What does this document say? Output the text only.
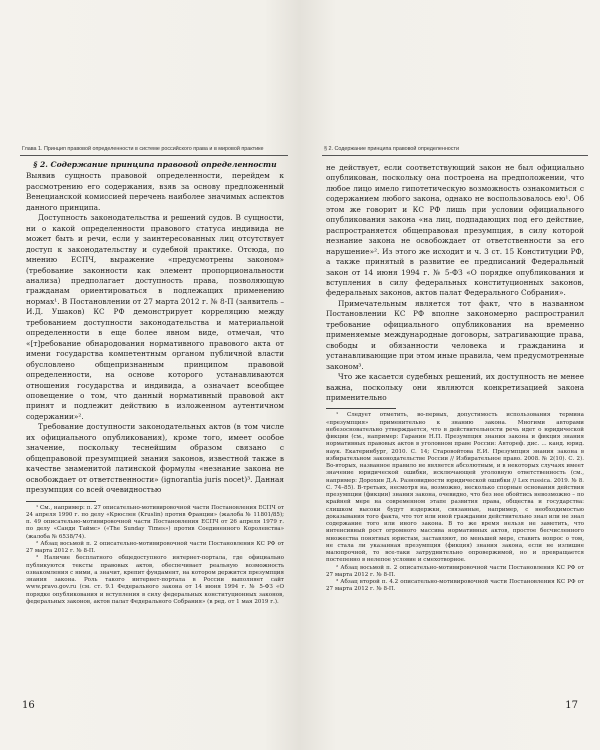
Глава 1. Принцип правовой определенности в системе российского права и в мировой практике
§ 2. Содержание принципа правовой определенности

Выявив сущность правовой определенности, перейдем к рассмотрению его содержания, взяв за основу предложенный Венецианской комиссией перечень наиболее значимых аспектов данного принципа.

Доступность законодательства и решений судов. В сущности, ни о какой определенности правового статуса индивида не может быть и речи, если у заинтересованных лиц отсутствует доступ к законодательству и судебной практике. Отсюда, по мнению ЕСПЧ, выражение «предусмотрены законом» (требование законности как элемент пропорциональности анализа) предполагает доступность права, позволяющую гражданам ориентироваться в подлежащих применению нормах¹. В Постановлении от 27 марта 2012 г. № 8-П (заявитель – И.Д. Ушаков) КС РФ демонстрирует корреляцию между требованием доступности законодательства и материальной определенности в еще более явном виде, отмечая, что «[т]ребование обнародования нормативного правового акта от имени государства компетентным органом публичной власти обусловлено общепризнанным принципом правовой определенности, на основе которого устанавливаются отношения государства и индивида, а означает всеобщее оповещение о том, что данный нормативный правовой акт принят и подлежит действию в изложенном аутентичном содержании»².

Требование доступности законодательных актов (в том числе их официального опубликования), кроме того, имеет особое значение, поскольку теснейшим образом связано с общеправовой презумпцией знания законов, известной также в качестве знаменитой латинской формулы «незнание закона не освобождает от ответственности» (ignorantia juris nocet)³. Данная презумпция со всей очевидностью

¹ См., например: п. 27 описательно-мотивировочной части Постановления ЕСПЧ от 24 апреля 1990 г. по делу «Крюслен (Kruslin) против Франции» (жалоба № 11801/85); п. 49 описательно-мотивировочной части Постановления ЕСПЧ от 26 апреля 1979 г. по делу «Санди Таймс» («The Sunday Times») против Соединенного Королевства» (жалоба № 6538/74).

² Абзац восьмой п. 2 описательно-мотивировочной части Постановления КС РФ от 27 марта 2012 г. № 8-П.

³ Наличие бесплатного общедоступного интернет-портала, где официально публикуются тексты правовых актов, обеспечивает реальную возможность ознакомления с ними, а значит, крепит фундамент, на котором держится презумпция знания закона. Роль такого интернет-портала в России выполняет сайт www.pravo.gov.ru (см. ст. 9.1 Федерального закона от 14 июня 1994 г. № 5-ФЗ «О порядке опубликования и вступления в силу федеральных конституционных законов, федеральных законов, актов палат Федерального Собрания» (в ред. от 1 мая 2019 г.).

16
§ 2. Содержание принципа правовой определенности

не действует, если соответствующий закон не был официально опубликован, поскольку она построена на предположении, что любое лицо имело гипотетическую возможность ознакомиться с содержанием любого закона, однако не воспользовалось ею¹. Об этом же говорит и КС РФ лишь при условии официального опубликования закона «на лиц, подпадающих под его действие, распространяется общеправовая презумпция, в силу которой незнание закона не освобождает от ответственности за его нарушение»². Из этого же исходит и ч. 3 ст. 15 Конституции РФ, а также принятый в развитие ее предписаний Федеральный закон от 14 июня 1994 г. № 5-ФЗ «О порядке опубликования и вступления в силу федеральных конституционных законов, федеральных законов, актов палат Федерального Собрания».

Примечательным является тот факт, что в названном Постановлении КС РФ вполне закономерно распространил требование официального опубликования на временно применяемые международные договоры, затрагивающие права, свободы и обязанности человека и гражданина и устанавливающие при этом иные правила, чем предусмотренные законом³.

Что же касается судебных решений, их доступность не менее важна, поскольку они являются конкретизацией закона применительно

¹ Следует отметить, во-первых, допустимость использования термина «презумпция» применительно к знанию закона. Многими авторами небезосновательно утверждается, что в действительности речь идет о юридической фикции (см., например: Гаранин Н.П. Презумпция знания закона и фикция знания нормативных правовых актов в уголовном праве России: Автореф. дис. ... канд. юрид. наук. Екатеринбург, 2010. С. 14; Старовойтова Е.И. Презумпция знания закона в избирательном законодательстве России // Избирательное право. 2008. № 2(10). С. 2). Во-вторых, названное правило не является абсолютным, и в некоторых случаях имеет значение юридической ошибки, исключающей уголовную ответственность (см., например: Дорохин Д.А. Разновидности юридической ошибки // Lex russica. 2019. № 8. С. 74–85). В-третьих, несмотря на, возможно, несколько спорные основания действия презумпции (фикции) знания закона, очевидно, что без нее обойтись невозможно – по крайней мере на современном этапе развития права, общества и государства: слишком высоки будут издержки, связанные, например, с необходимостью доказывания того факта, что тот или иной гражданин действительно знал или не знал содержание того или иного закона. В то же время нельзя не заметить, что интенсивный рост огромного массива нормативных актов, простое бесчисленного множества понятных юристам, заставляют, по меньшей мере, ставить вопрос о том, не стала ли указанная презумпция (фикция) знания закона, если не излишне малопрочной, то все-таки затруднительно опровержимой, но и превращается постепенно в нелепое условие и смехотворное.

² Абзац восьмой п. 2 описательно-мотивировочной части Постановления КС РФ от 27 марта 2012 г. № 8-П.

³ Абзац второй п. 4.2 описательно-мотивировочной части Постановления КС РФ от 27 марта 2012 г. № 8-П.

17
